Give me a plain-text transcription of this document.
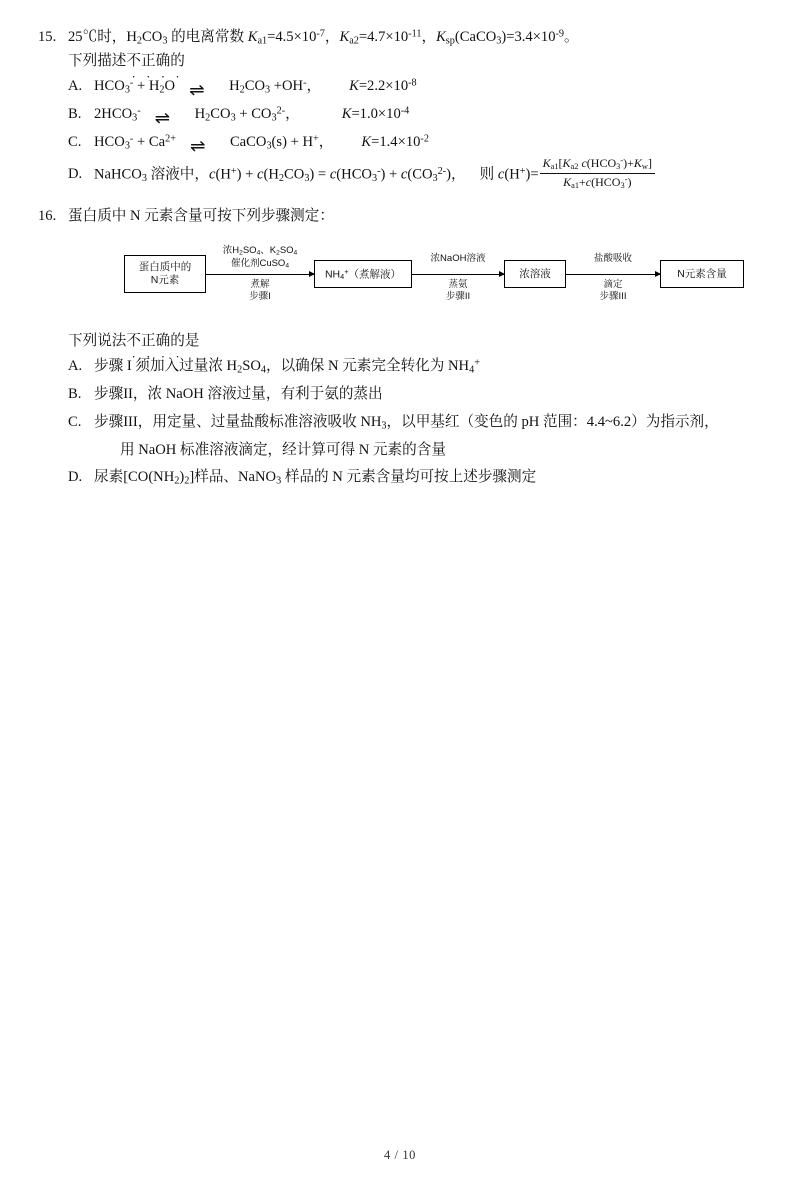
15. 25℃时，$H_2CO_3$ 的电离常数 $K_{a1}=4.5\times 10^{-7}$，$K_{a2}=4.7\times 10^{-11}$，$K_{sp}(CaCO_3)=3.4\times 10^{-9}$。
下列描述不正确的
A. $HCO_3^- + H_2O$ ⇌	$H_2CO_3 +OH^-$， $K=2.2\times 10^{-8}$
B. $2HCO_3^-$ ⇌	$H_2CO_3 + CO_3^{2-}$，	$K=1.0\times 10^{-4}$
C. $HCO_3^- + Ca^{2+}$ ⇌	CaCO$_3$(s) + H+， $K=1.4\times 10^{-2}$
D. NaHCO$_3$ 溶液中，$c(H^+) + c(H_2CO_3) = c(HCO_3^-) + c(CO_3^{2-})$， 则 $c(H^+)= \frac{K_{a1}[K_{a2} c(HCO_3^-)+K_w]}{K_{a1}+c(HCO_3^-)}$
16. 蛋白质中 N 元素含量可按下列步骤测定：
蛋白质中的
N元素
浓$H_2SO_4$、$K_2SO_4$
催化剂CuSO$_4$
煮解
步骤I
$NH_4^+$（煮解液）
浓NaOH溶液
蒸氨
步骤II
浓溶液
盐酸吸收
滴定
步骤III
N元素含量
下列说法不正确的是
A. 步骤 I 须加入过量浓 $H_2SO_4$，以确保 N 元素完全转化为 $NH_4^+$
B. 步骤II，浓 NaOH 溶液过量，有利于氨的蒸出
C. 步骤III，用定量、过量盐酸标准溶液吸收 $NH_3$，以甲基红（变色的 pH 范围：4.4~6.2）为指示剂，
用 NaOH 标准溶液滴定，经计算可得 N 元素的含量
D. 尿素$[CO(NH_2)_2]$样品、NaNO$_3$ 样品的 N 元素含量均可按上述步骤测定
4 / 10
